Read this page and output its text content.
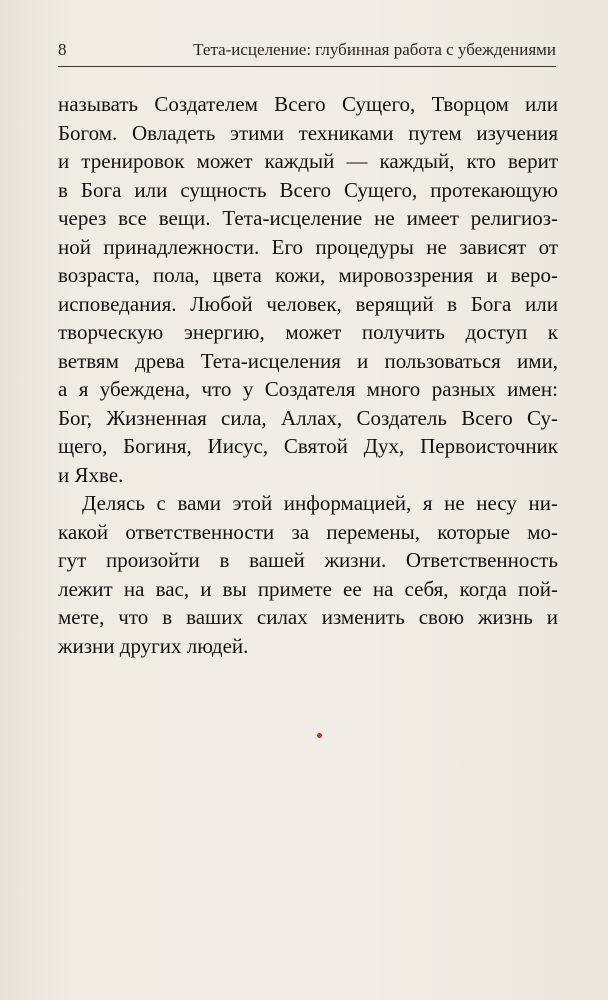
8	Тета-исцеление: глубинная работа с убеждениями
называть Создателем Всего Сущего, Творцом или
Богом. Овладеть этими техниками путем изучения
и тренировок может каждый — каждый, кто верит
в Бога или сущность Всего Сущего, протекающую
через все вещи. Тета-исцеление не имеет религиоз-
ной принадлежности. Его процедуры не зависят от
возраста, пола, цвета кожи, мировоззрения и веро-
исповедания. Любой человек, верящий в Бога или
творческую энергию, может получить доступ к
ветвям древа Тета-исцеления и пользоваться ими,
а я убеждена, что у Создателя много разных имен:
Бог, Жизненная сила, Аллах, Создатель Всего Су-
щего, Богиня, Иисус, Святой Дух, Первоисточник
и Яхве.
Делясь с вами этой информацией, я не несу ни-
какой ответственности за перемены, которые мо-
гут произойти в вашей жизни. Ответственность
лежит на вас, и вы примете ее на себя, когда пой-
мете, что в ваших силах изменить свою жизнь и
жизни других людей.
